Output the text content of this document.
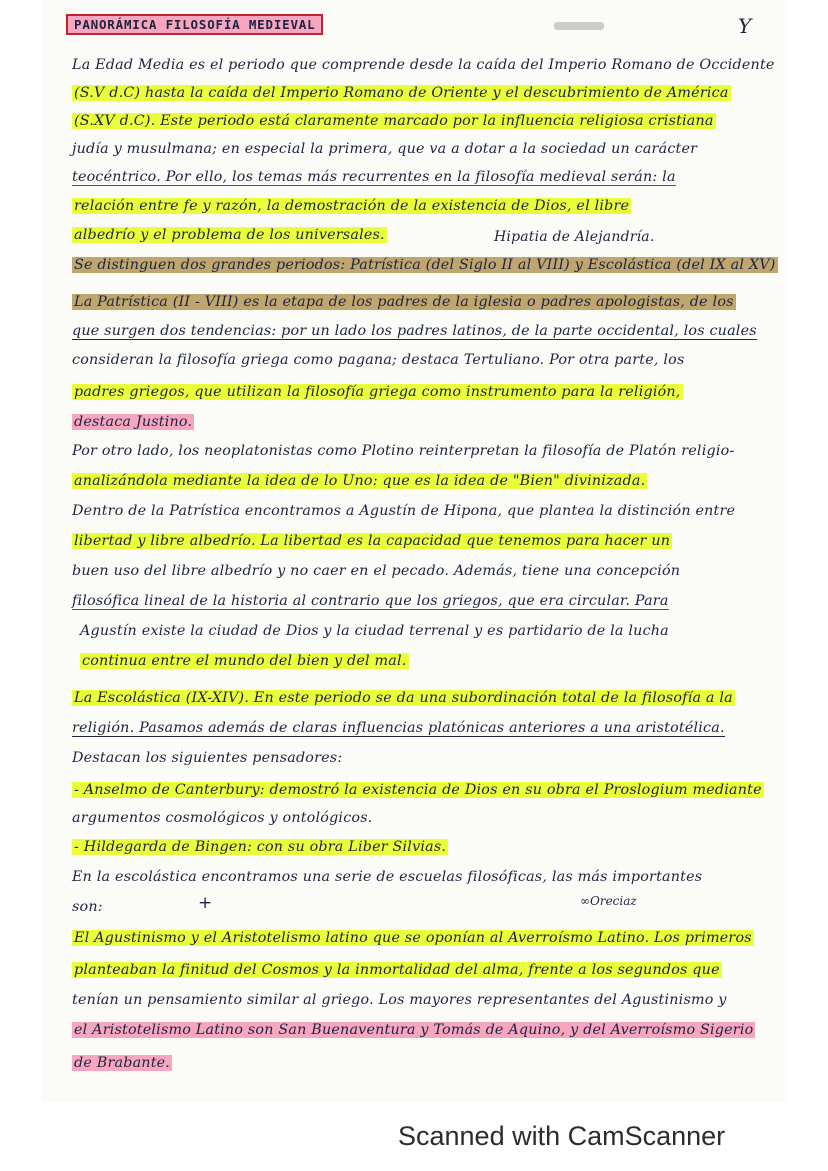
PANORÁMICA FILOSOFÍA MEDIEVAL	Y
La Edad Media es el periodo que comprende desde la caída del Imperio Romano de Occidente
(S.V d.C) hasta la caída del Imperio Romano de Oriente y el descubrimiento de América
(S.XV d.C). Este periodo está claramente marcado por la influencia religiosa cristiana
judía y musulmana; en especial la primera, que va a dotar a la sociedad un carácter
teocéntrico. Por ello, los temas más recurrentes en la filosofía medieval serán: la
relación entre fe y razón, la demostración de la existencia de Dios, el libre
albedrío y el problema de los universales.	Hipatia de Alejandría.
Se distinguen dos grandes periodos: Patrística (del Siglo II al VIII) y Escolástica (del IX al XV)
La Patrística (II - VIII) es la etapa de los padres de la iglesia o padres apologistas, de los
que surgen dos tendencias: por un lado los padres latinos, de la parte occidental, los cuales
consideran la filosofía griega como pagana; destaca Tertuliano. Por otra parte, los
padres griegos, que utilizan la filosofía griega como instrumento para la religión,
destaca Justino.
Por otro lado, los neoplatonistas como Plotino reinterpretan la filosofía de Platón religio-
analizándola mediante la idea de lo Uno: que es la idea de "Bien" divinizada.
Dentro de la Patrística encontramos a Agustín de Hipona, que plantea la distinción entre
libertad y libre albedrío. La libertad es la capacidad que tenemos para hacer un
buen uso del libre albedrío y no caer en el pecado. Además, tiene una concepción
filosófica lineal de la historia al contrario que los griegos, que era circular. Para
Agustín existe la ciudad de Dios y la ciudad terrenal y es partidario de la lucha
continua entre el mundo del bien y del mal.
La Escolástica (IX-XIV). En este periodo se da una subordinación total de la filosofía a la
religión. Pasamos además de claras influencias platónicas anteriores a una aristotélica.
Destacan los siguientes pensadores:
- Anselmo de Canterbury: demostró la existencia de Dios en su obra el Proslogium mediante
argumentos cosmológicos y ontológicos.
- Hildegarda de Bingen: con su obra Liber Silvias.
En la escolástica encontramos una serie de escuelas filosóficas, las más importantes
son:
El Agustinismo y el Aristotelismo latino que se oponían al Averroísmo Latino. Los primeros
planteaban la finitud del Cosmos y la inmortalidad del alma, frente a los segundos que
tenían un pensamiento similar al griego. Los mayores representantes del Agustinismo y
el Aristotelismo Latino son San Buenaventura y Tomás de Aquino, y del Averroísmo Sigerio
de Brabante.
+	∞Oreciaz
Scanned with CamScanner
